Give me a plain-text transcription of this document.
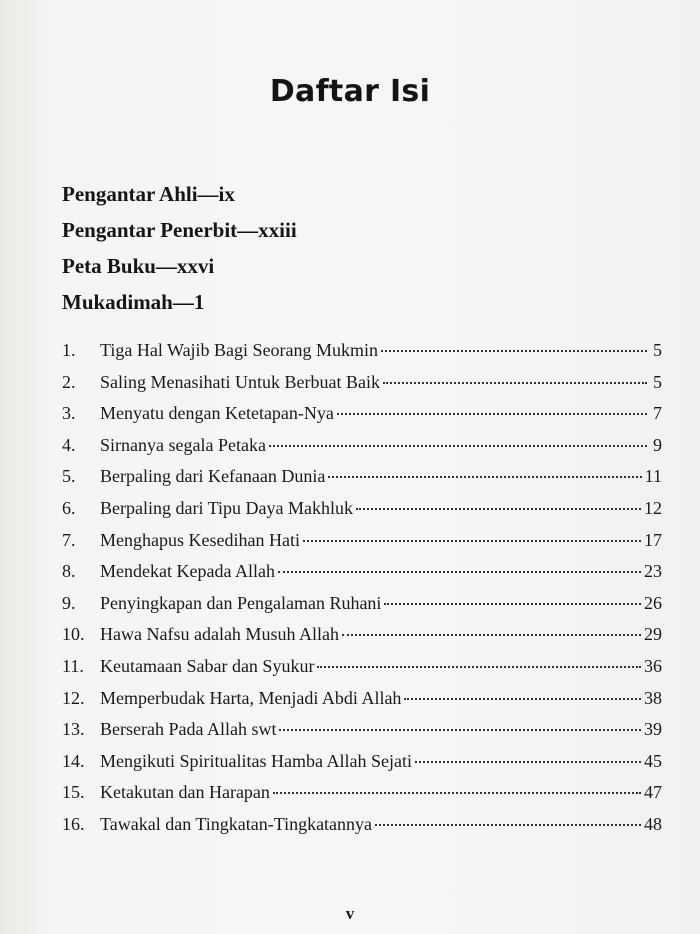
Daftar Isi
Pengantar Ahli—ix
Pengantar Penerbit—xxiii
Peta Buku—xxvi
Mukadimah—1
1.	Tiga Hal Wajib Bagi Seorang Mukmin	5
2.	Saling Menasihati Untuk Berbuat Baik	5
3.	Menyatu dengan Ketetapan-Nya	7
4.	Sirnanya segala Petaka	9
5.	Berpaling dari Kefanaan Dunia	11
6.	Berpaling dari Tipu Daya Makhluk	12
7.	Menghapus Kesedihan Hati	17
8.	Mendekat Kepada Allah	23
9.	Penyingkapan dan Pengalaman Ruhani	26
10. Hawa Nafsu adalah Musuh Allah	29
11. Keutamaan Sabar dan Syukur	36
12. Memperbudak Harta, Menjadi Abdi Allah	38
13. Berserah Pada Allah swt	39
14. Mengikuti Spiritualitas Hamba Allah Sejati	45
15. Ketakutan dan Harapan	47
16. Tawakal dan Tingkatan-Tingkatannya	48
v
